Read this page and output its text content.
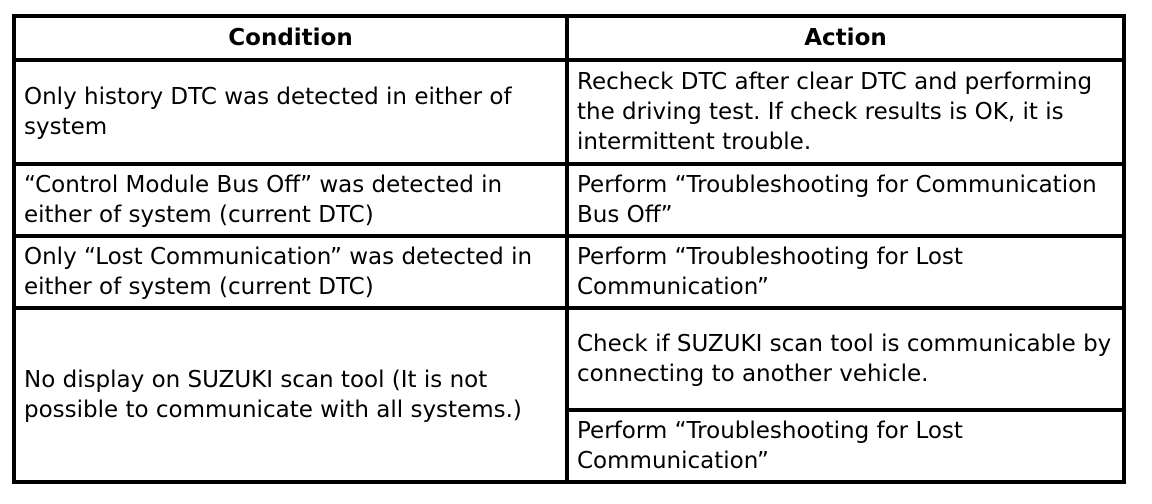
Condition	Action
Only history DTC was detected in either of system	Recheck DTC after clear DTC and performing the driving test. If check results is OK, it is intermittent trouble.
“Control Module Bus Off” was detected in either of system (current DTC)	Perform “Troubleshooting for Communication Bus Off”
Only “Lost Communication” was detected in either of system (current DTC)	Perform “Troubleshooting for Lost Communication”
No display on SUZUKI scan tool (It is not possible to communicate with all systems.)	Check if SUZUKI scan tool is communicable by connecting to another vehicle.
	Perform “Troubleshooting for Lost Communication”
